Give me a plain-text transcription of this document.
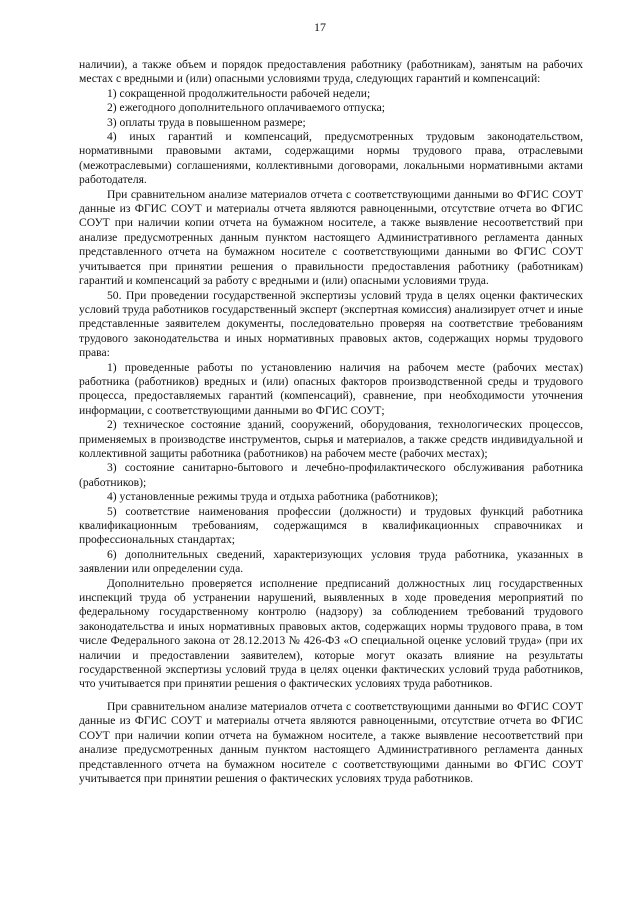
17

наличии), а также объем и порядок предоставления работнику (работникам), занятым на рабочих местах с вредными и (или) опасными условиями труда, следующих гарантий и компенсаций:

1) сокращенной продолжительности рабочей недели;

2) ежегодного дополнительного оплачиваемого отпуска;

3) оплаты труда в повышенном размере;

4) иных гарантий и компенсаций, предусмотренных трудовым законодательством, нормативными правовыми актами, содержащими нормы трудового права, отраслевыми (межотраслевыми) соглашениями, коллективными договорами, локальными нормативными актами работодателя.

При сравнительном анализе материалов отчета с соответствующими данными во ФГИС СОУТ данные из ФГИС СОУТ и материалы отчета являются равноценными, отсутствие отчета во ФГИС СОУТ при наличии копии отчета на бумажном носителе, а также выявление несоответствий при анализе предусмотренных данным пунктом настоящего Административного регламента данных представленного отчета на бумажном носителе с соответствующими данными во ФГИС СОУТ учитывается при принятии решения о правильности предоставления работнику (работникам) гарантий и компенсаций за работу с вредными и (или) опасными условиями труда.

50. При проведении государственной экспертизы условий труда в целях оценки фактических условий труда работников государственный эксперт (экспертная комиссия) анализирует отчет и иные представленные заявителем документы, последовательно проверяя на соответствие требованиям трудового законодательства и иных нормативных правовых актов, содержащих нормы трудового права:

1) проведенные работы по установлению наличия на рабочем месте (рабочих местах) работника (работников) вредных и (или) опасных факторов производственной среды и трудового процесса, предоставляемых гарантий (компенсаций), сравнение, при необходимости уточнения информации, с соответствующими данными во ФГИС СОУТ;

2) техническое состояние зданий, сооружений, оборудования, технологических процессов, применяемых в производстве инструментов, сырья и материалов, а также средств индивидуальной и коллективной защиты работника (работников) на рабочем месте (рабочих местах);

3) состояние санитарно-бытового и лечебно-профилактического обслуживания работника (работников);

4) установленные режимы труда и отдыха работника (работников);

5) соответствие наименования профессии (должности) и трудовых функций работника квалификационным требованиям, содержащимся в квалификационных справочниках и профессиональных стандартах;

6) дополнительных сведений, характеризующих условия труда работника, указанных в заявлении или определении суда.

Дополнительно проверяется исполнение предписаний должностных лиц государственных инспекций труда об устранении нарушений, выявленных в ходе проведения мероприятий по федеральному государственному контролю (надзору) за соблюдением требований трудового законодательства и иных нормативных правовых актов, содержащих нормы трудового права, в том числе Федерального закона от 28.12.2013 № 426-ФЗ «О специальной оценке условий труда» (при их наличии и предоставлении заявителем), которые могут оказать влияние на результаты государственной экспертизы условий труда в целях оценки фактических условий труда работников, что учитывается при принятии решения о фактических условиях труда работников.

При сравнительном анализе материалов отчета с соответствующими данными во ФГИС СОУТ данные из ФГИС СОУТ и материалы отчета являются равноценными, отсутствие отчета во ФГИС СОУТ при наличии копии отчета на бумажном носителе, а также выявление несоответствий при анализе предусмотренных данным пунктом настоящего Административного регламента данных представленного отчета на бумажном носителе с соответствующими данными во ФГИС СОУТ учитывается при принятии решения о фактических условиях труда работников.
